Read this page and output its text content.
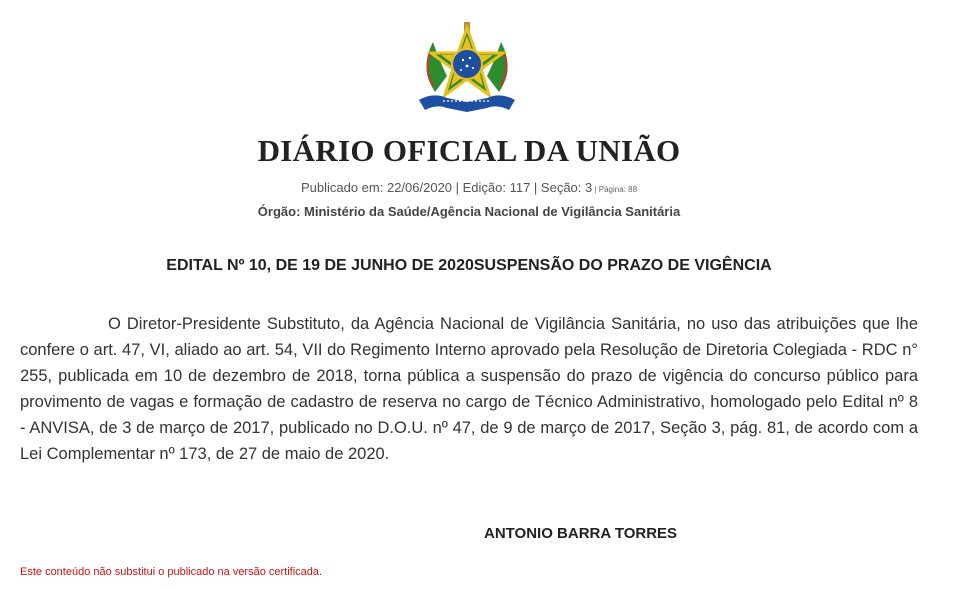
DIÁRIO OFICIAL DA UNIÃO
Publicado em: 22/06/2020 | Edição: 117 | Seção: 3 | Página: 88
Órgão: Ministério da Saúde/Agência Nacional de Vigilância Sanitária
EDITAL Nº 10, DE 19 DE JUNHO DE 2020SUSPENSÃO DO PRAZO DE VIGÊNCIA

O Diretor-Presidente Substituto, da Agência Nacional de Vigilância Sanitária, no uso das atribuições que lhe confere o art. 47, VI, aliado ao art. 54, VII do Regimento Interno aprovado pela Resolução de Diretoria Colegiada - RDC n° 255, publicada em 10 de dezembro de 2018, torna pública a suspensão do prazo de vigência do concurso público para provimento de vagas e formação de cadastro de reserva no cargo de Técnico Administrativo, homologado pelo Edital nº 8 - ANVISA, de 3 de março de 2017, publicado no D.O.U. nº 47, de 9 de março de 2017, Seção 3, pág. 81, de acordo com a Lei Complementar nº 173, de 27 de maio de 2020.

ANTONIO BARRA TORRES
Este conteúdo não substitui o publicado na versão certificada.
